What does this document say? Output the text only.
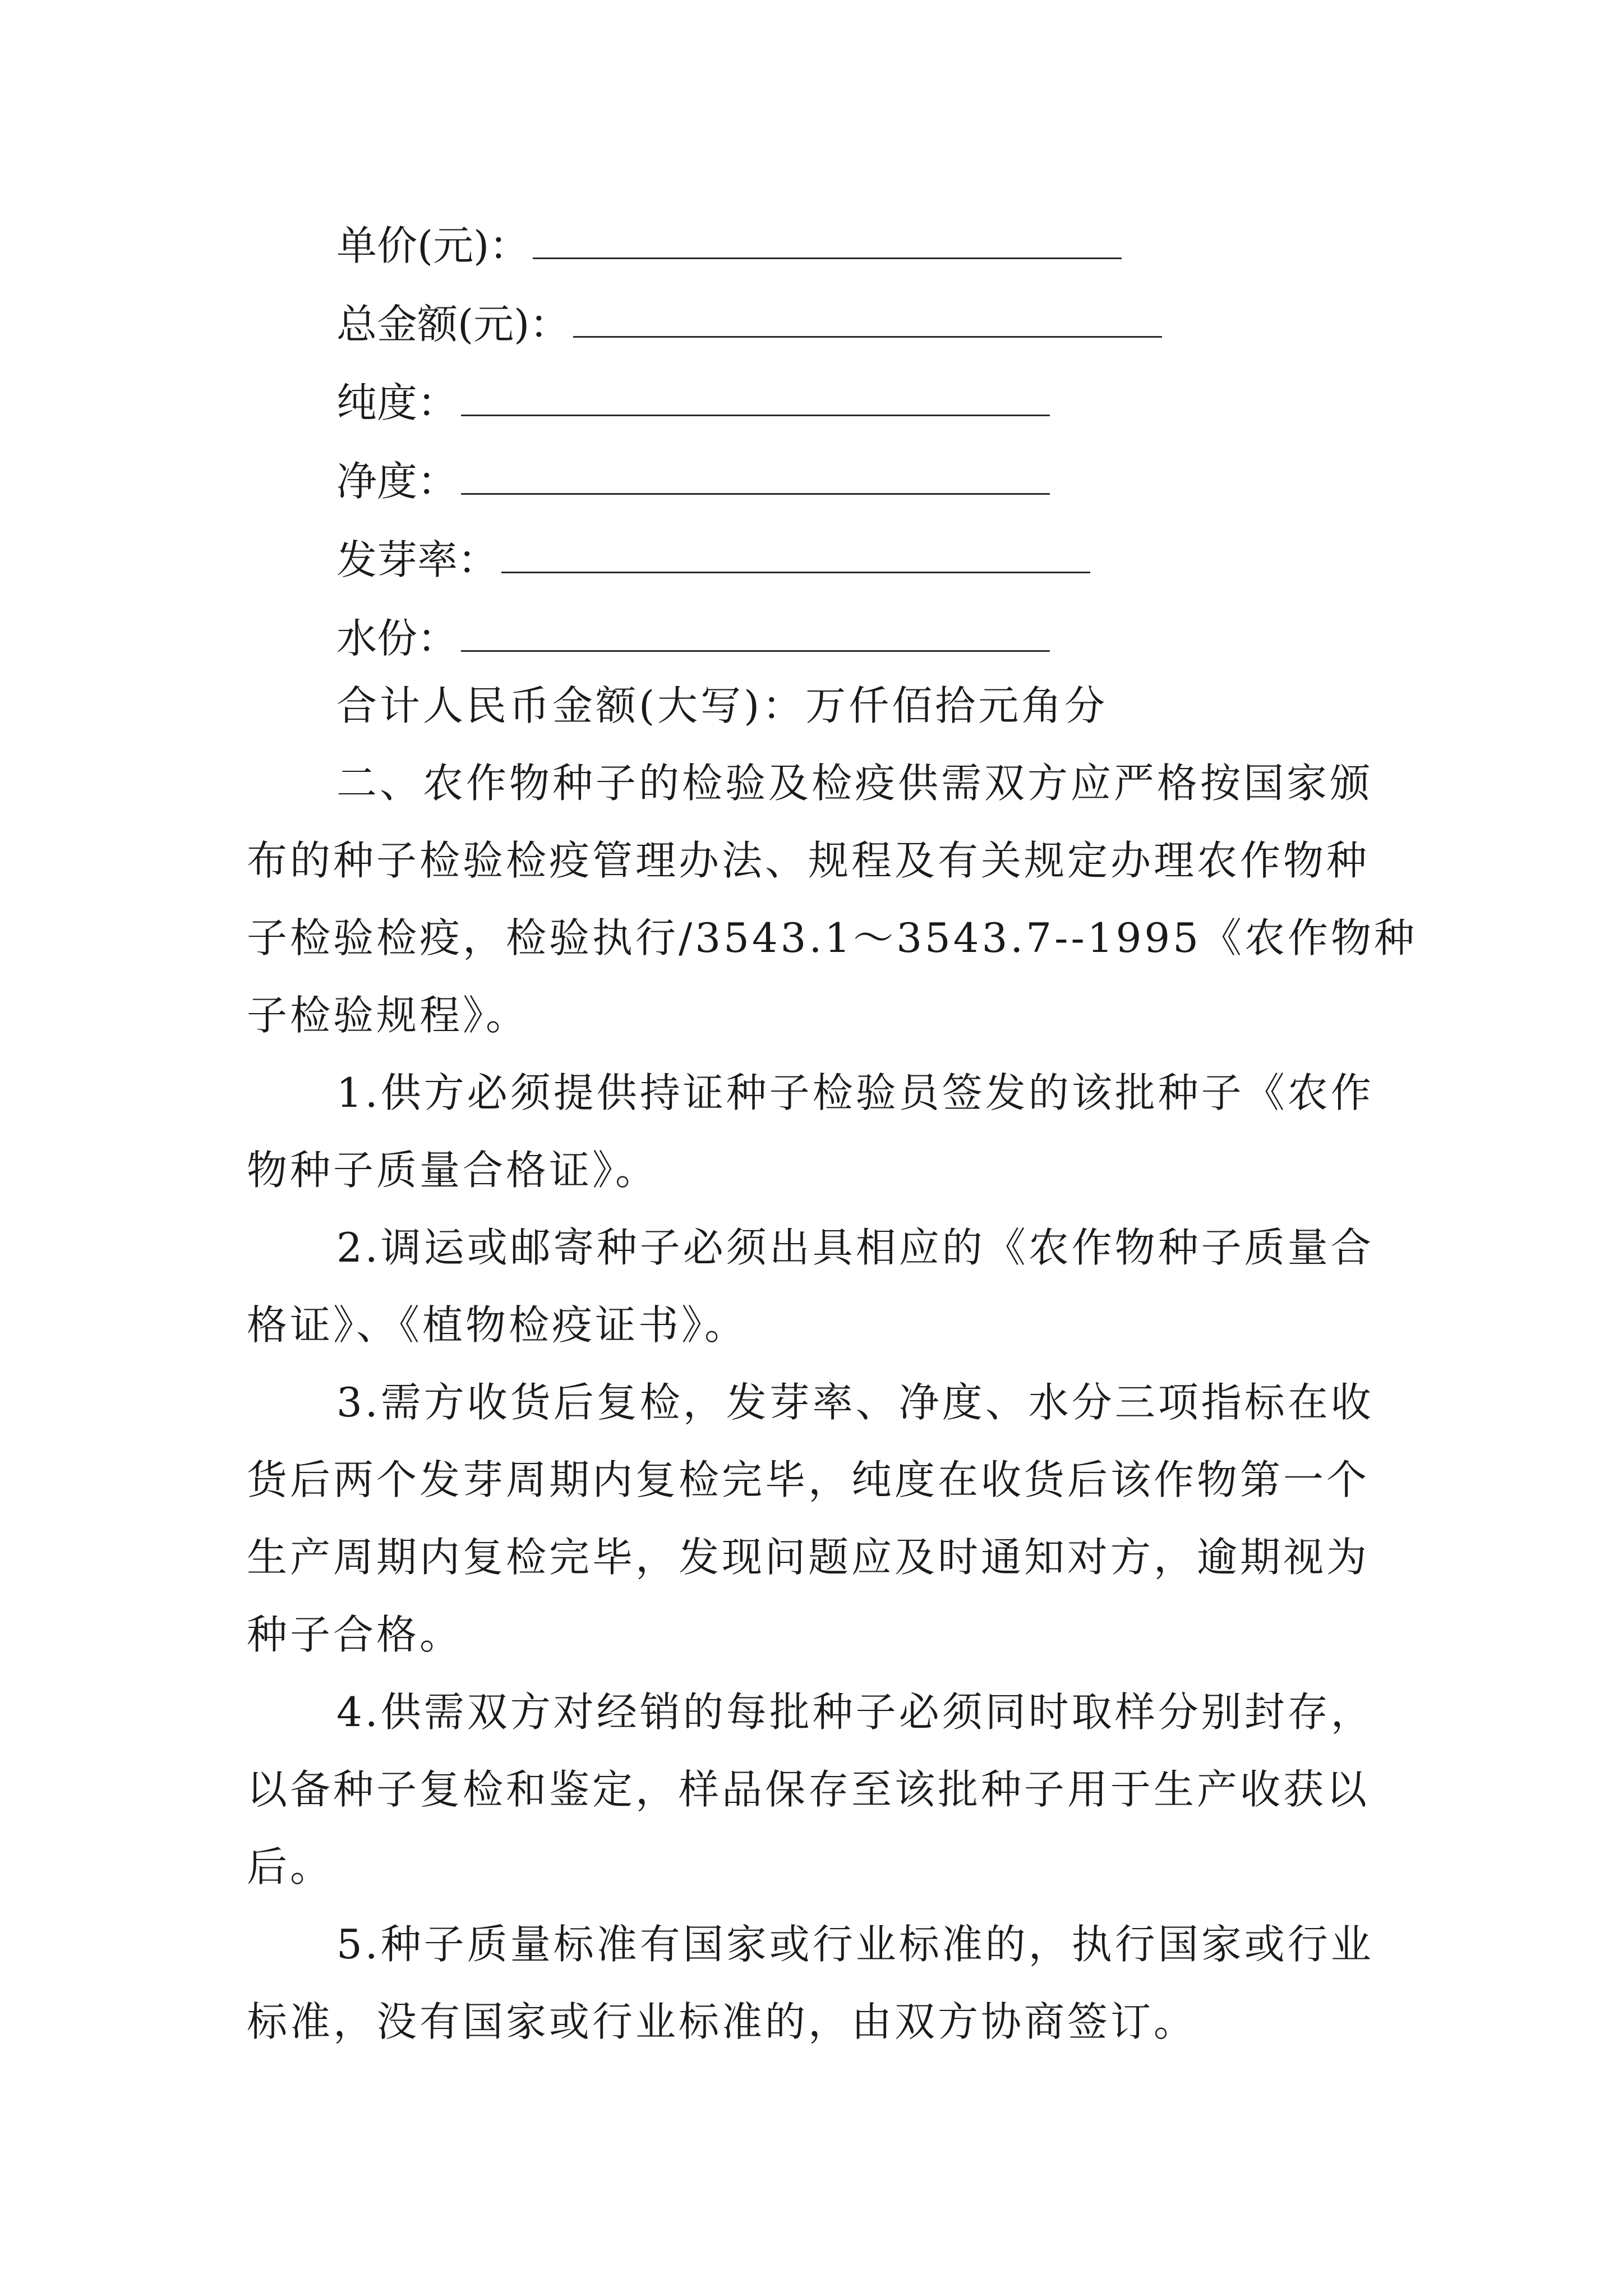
单价(元)：
总金额(元)：
纯度：
净度：
发芽率：
水份：
合计人民币金额(大写)：万仟佰拾元角分
二、农作物种子的检验及检疫供需双方应严格按国家颁
布的种子检验检疫管理办法、规程及有关规定办理农作物种
子检验检疫，检验执行/3543.1～3543.7--1995《农作物种
子检验规程》。
1.供方必须提供持证种子检验员签发的该批种子《农作
物种子质量合格证》。
2.调运或邮寄种子必须出具相应的《农作物种子质量合
格证》、《植物检疫证书》。
3.需方收货后复检，发芽率、净度、水分三项指标在收
货后两个发芽周期内复检完毕，纯度在收货后该作物第一个
生产周期内复检完毕，发现问题应及时通知对方，逾期视为
种子合格。
4.供需双方对经销的每批种子必须同时取样分别封存，
以备种子复检和鉴定，样品保存至该批种子用于生产收获以
后。
5.种子质量标准有国家或行业标准的，执行国家或行业
标准，没有国家或行业标准的，由双方协商签订。
